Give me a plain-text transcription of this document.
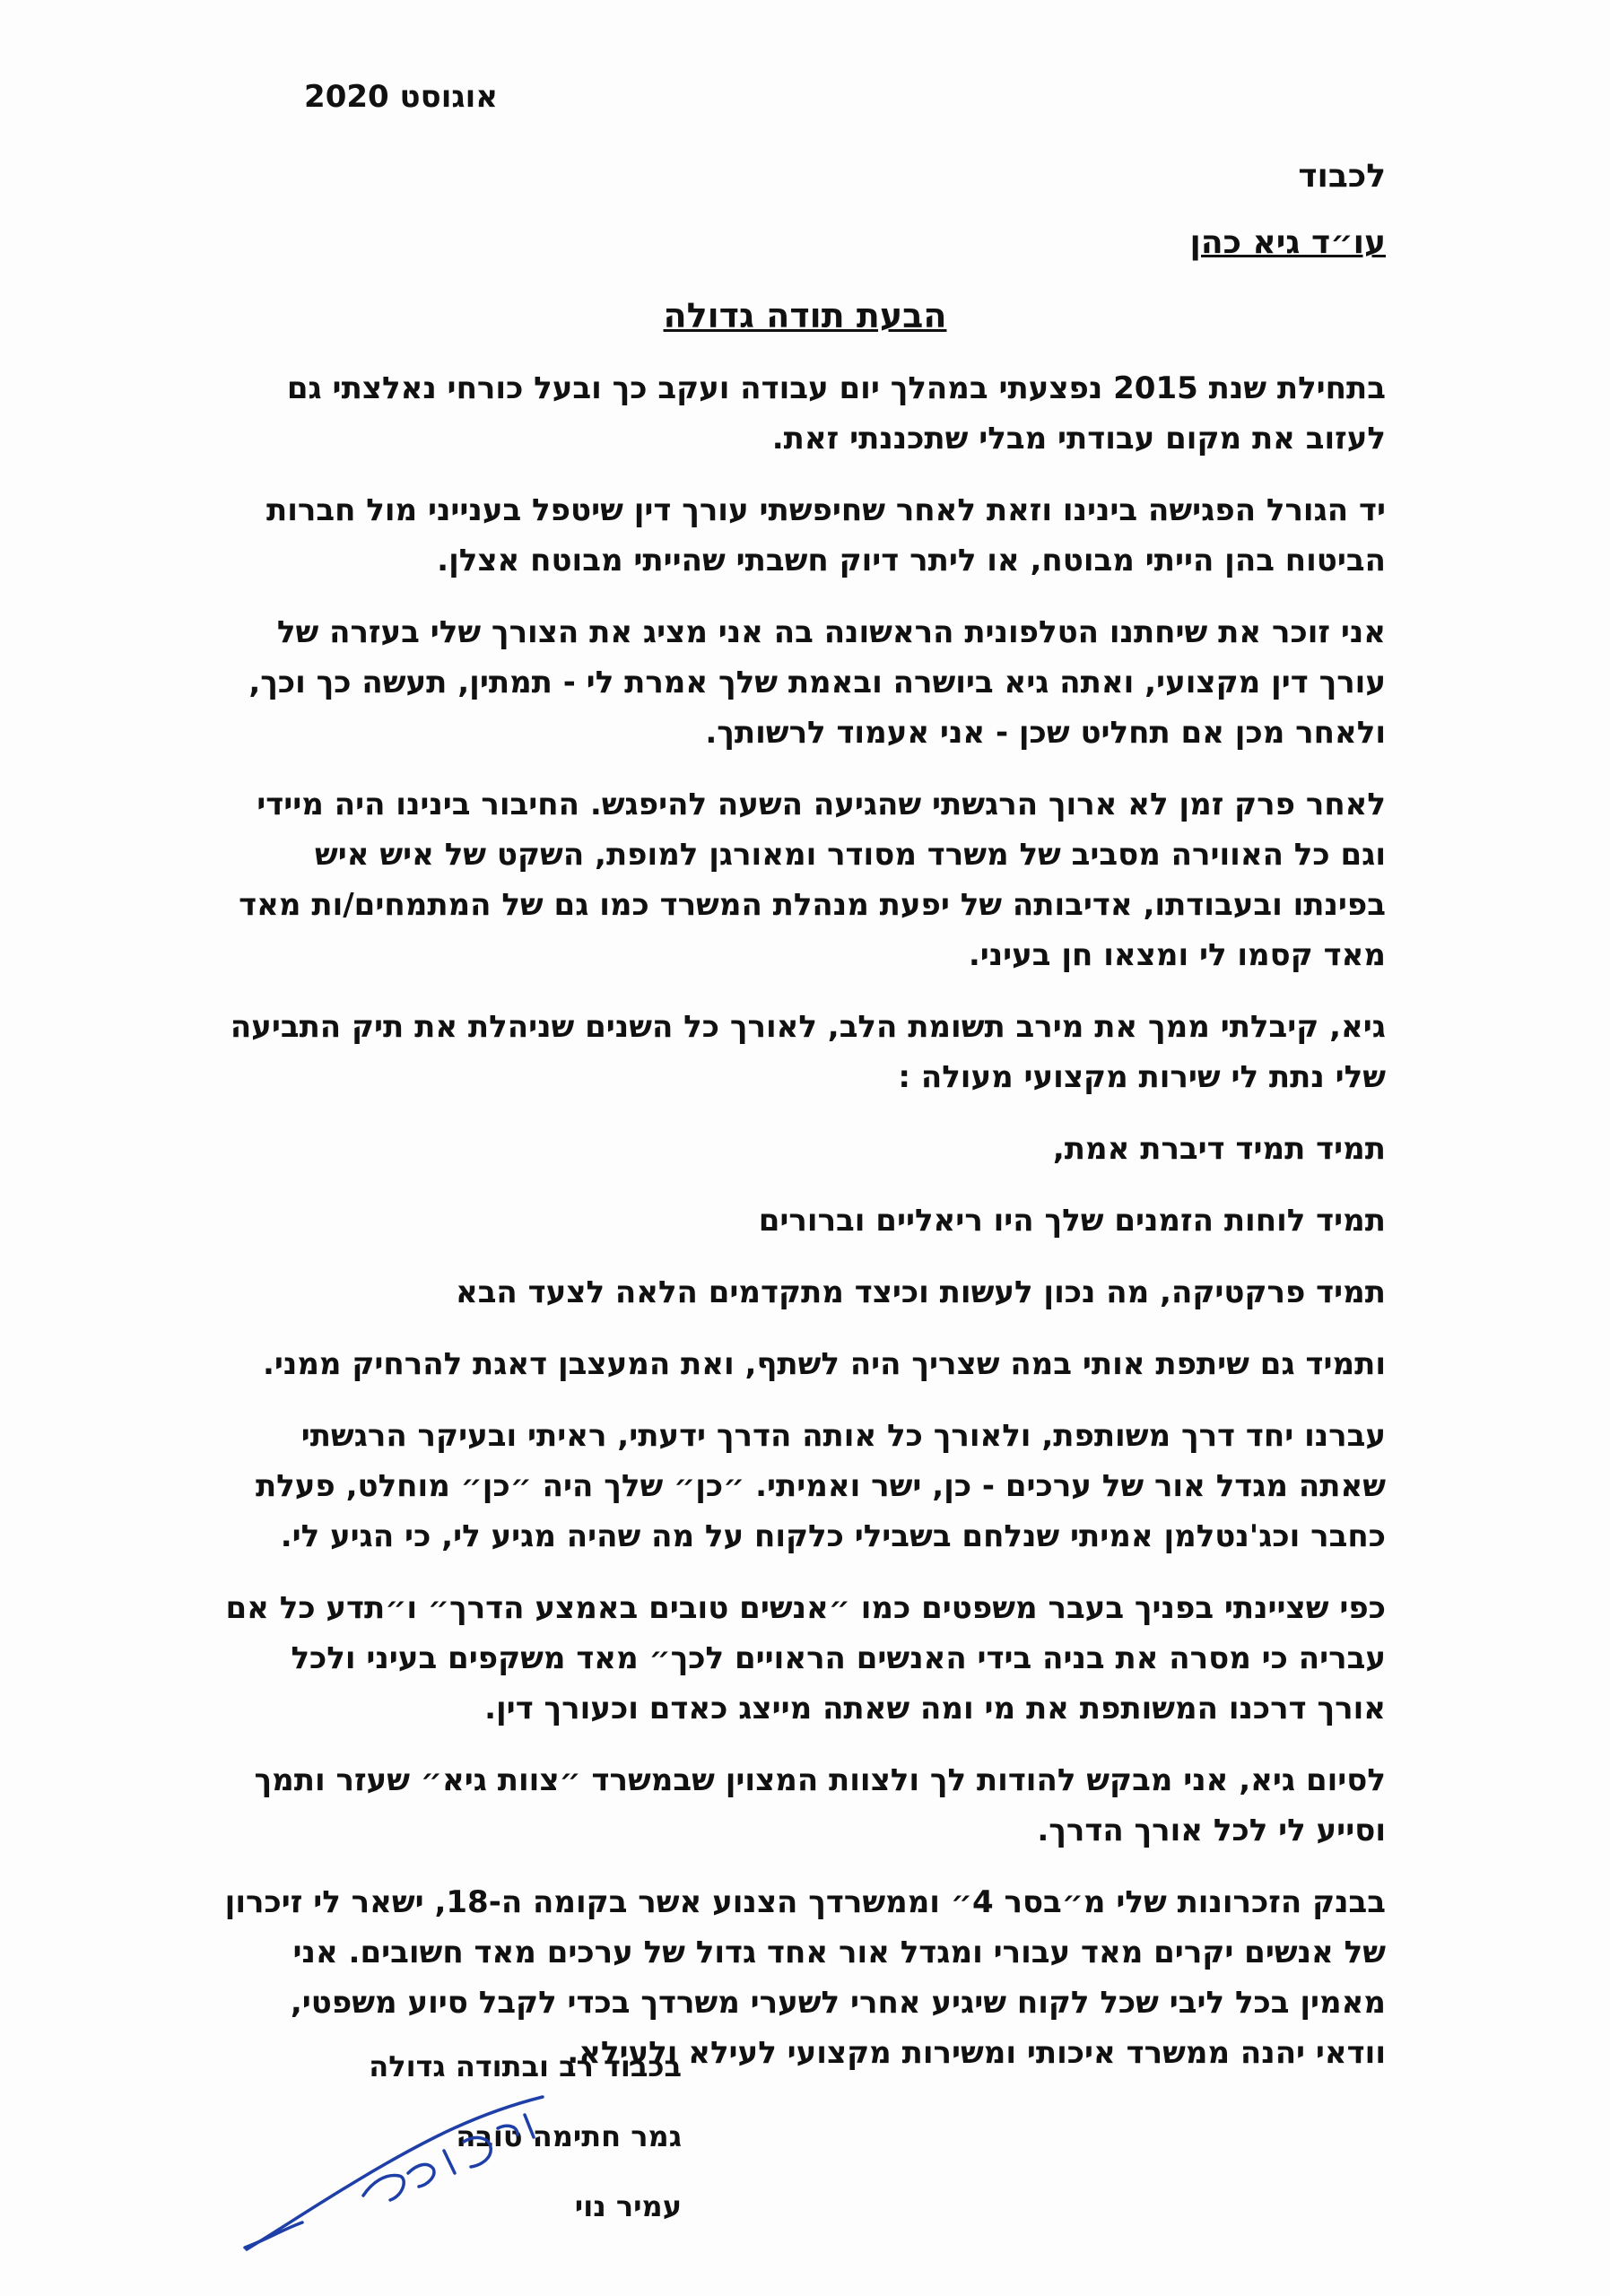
אוגוסט 2020
לכבוד
עו״ד גיא כהן
הבעת תודה גדולה

בתחילת שנת 2015 נפצעתי במהלך יום עבודה ועקב כך ובעל כורחי נאלצתי גם לעזוב את מקום עבודתי מבלי שתכננתי זאת.

יד הגורל הפגישה בינינו וזאת לאחר שחיפשתי עורך דין שיטפל בענייני מול חברות הביטוח בהן הייתי מבוטח, או ליתר דיוק חשבתי שהייתי מבוטח אצלן.

אני זוכר את שיחתנו הטלפונית הראשונה בה אני מציג את הצורך שלי בעזרה של עורך דין מקצועי, ואתה גיא ביושרה ובאמת שלך אמרת לי - תמתין, תעשה כך וכך, ולאחר מכן אם תחליט שכן - אני אעמוד לרשותך.

לאחר פרק זמן לא ארוך הרגשתי שהגיעה השעה להיפגש. החיבור בינינו היה מיידי וגם כל האווירה מסביב של משרד מסודר ומאורגן למופת, השקט של איש איש בפינתו ובעבודתו, אדיבותה של יפעת מנהלת המשרד כמו גם של המתמחים/ות מאד מאד קסמו לי ומצאו חן בעיני.

גיא, קיבלתי ממך את מירב תשומת הלב, לאורך כל השנים שניהלת את תיק התביעה שלי נתת לי שירות מקצועי מעולה :

תמיד תמיד דיברת אמת,

תמיד לוחות הזמנים שלך היו ריאליים וברורים

תמיד פרקטיקה, מה נכון לעשות וכיצד מתקדמים הלאה לצעד הבא

ותמיד גם שיתפת אותי במה שצריך היה לשתף, ואת המעצבן דאגת להרחיק ממני.

עברנו יחד דרך משותפת, ולאורך כל אותה הדרך ידעתי, ראיתי ובעיקר הרגשתי שאתה מגדל אור של ערכים - כן, ישר ואמיתי. ״כן״ שלך היה ״כן״ מוחלט, פעלת כחבר וכג'נטלמן אמיתי שנלחם בשבילי כלקוח על מה שהיה מגיע לי, כי הגיע לי.

כפי שציינתי בפניך בעבר משפטים כמו ״אנשים טובים באמצע הדרך״ ו״תדע כל אם עבריה כי מסרה את בניה בידי האנשים הראויים לכך״ מאד משקפים בעיני ולכל אורך דרכנו המשותפת את מי ומה שאתה מייצג כאדם וכעורך דין.

לסיום גיא, אני מבקש להודות לך ולצוות המצוין שבמשרד ״צוות גיא״ שעזר ותמך וסייע לי לכל אורך הדרך.

בבנק הזכרונות שלי מ״בסר 4״ וממשרדך הצנוע אשר בקומה ה-18, ישאר לי זיכרון של אנשים יקרים מאד עבורי ומגדל אור אחד גדול של ערכים מאד חשובים. אני מאמין בכל ליבי שכל לקוח שיגיע אחרי לשערי משרדך בכדי לקבל סיוע משפטי, וודאי יהנה ממשרד איכותי ומשירות מקצועי לעילא ולעילא.

בכבוד רב ובתודה גדולה
גמר חתימה טובה
עמיר נוי
